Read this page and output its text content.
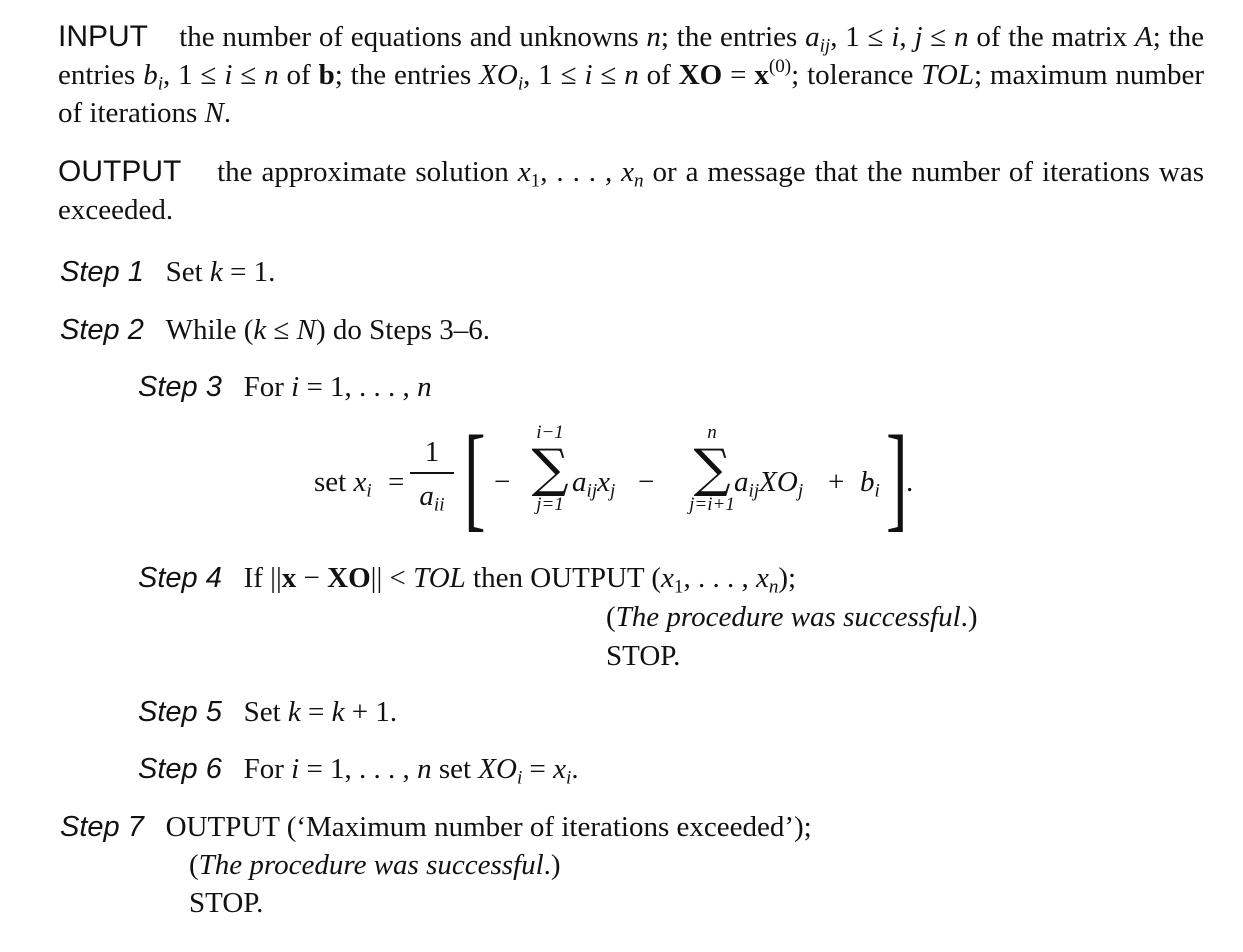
INPUT the number of equations and unknowns n; the entries $a_{ij}$, 1 ≤ i, j ≤ n of the matrix A; the entries $b_i$, 1 ≤ i ≤ n of b; the entries $XO_i$, 1 ≤ i ≤ n of XO = $x^{(0)}$; tolerance TOL; maximum number of iterations N.
OUTPUT the approximate solution $x_1$, . . . , $x_n$ or a message that the number of iterations was exceeded.
Step 1 Set k = 1.
Step 2 While (k ≤ N) do Steps 3–6.
Step 3 For i = 1, . . . , n
set $x_i$ =
1
$a_{ii}$ [ −
i−1
∑
j=1
$a_{ij}x_j$ −
n
∑
j=i+1
$a_{ij}XO_j + b_i$ ]
.
Step 4 If ||x − XO|| < TOL then OUTPUT ($x_1$, . . . , $x_n$);
(The procedure was successful.)
STOP.
Step 5 Set k = k + 1.
Step 6 For i = 1, . . . , n set $XO_i = x_i$.
Step 7 OUTPUT (‘Maximum number of iterations exceeded’);
(The procedure was successful.)
STOP.
